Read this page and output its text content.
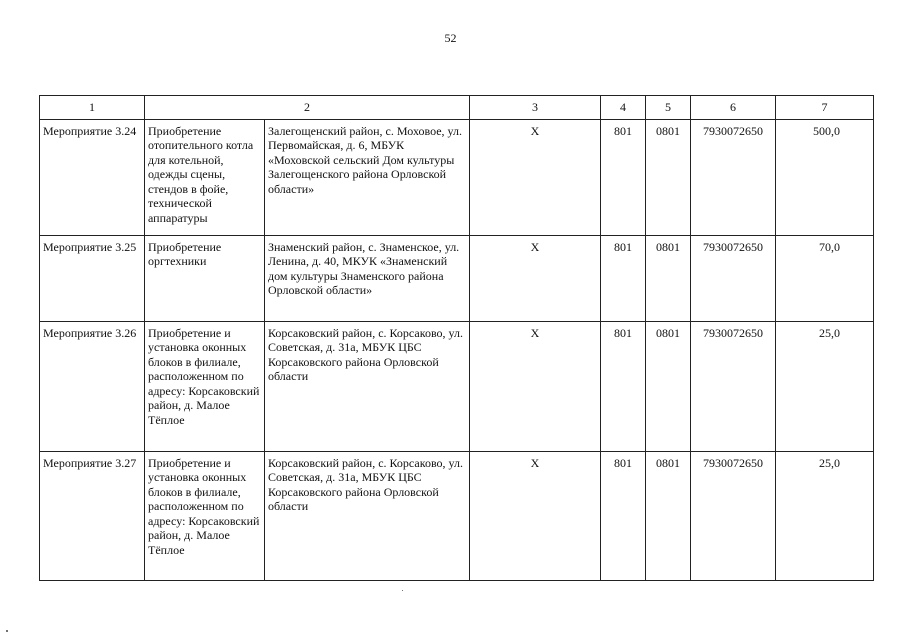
52
1	2		3	4	5	6	7
Мероприятие 3.24	Приобретение отопительного котла для котельной, одежды сцены, стендов в фойе, технической аппаратуры	Залегощенский район, с. Моховое, ул. Первомайская, д. 6, МБУК «Моховской сельский Дом культуры Залегощенского района Орловской области»	Х	801	0801	7930072650	500,0
Мероприятие 3.25	Приобретение оргтехники	Знаменский район, с. Знаменское, ул. Ленина, д. 40, МКУК «Знаменский дом культуры Знаменского района Орловской области»	Х	801	0801	7930072650	70,0
Мероприятие 3.26	Приобретение и установка оконных блоков в филиале, расположенном по адресу: Корсаковский район, д. Малое Тёплое	Корсаковский район, с. Корсаково, ул. Советская, д. 31а, МБУК ЦБС Корсаковского района Орловской области	Х	801	0801	7930072650	25,0
Мероприятие 3.27	Приобретение и установка оконных блоков в филиале, расположенном по адресу: Корсаковский район, д. Малое Тёплое	Корсаковский район, с. Корсаково, ул. Советская, д. 31а, МБУК ЦБС Корсаковского района Орловской области	Х	801	0801	7930072650	25,0
